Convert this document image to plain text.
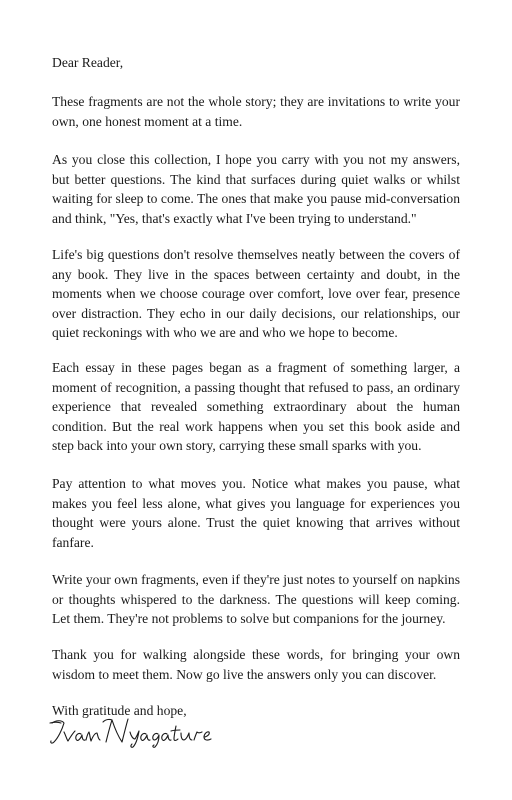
Dear Reader,

These fragments are not the whole story; they are invitations to write your own, one honest moment at a time.

As you close this collection, I hope you carry with you not my answers, but better questions. The kind that surfaces during quiet walks or whilst waiting for sleep to come. The ones that make you pause mid-conversation and think, "Yes, that's exactly what I've been trying to understand."

Life's big questions don't resolve themselves neatly between the covers of any book. They live in the spaces between certainty and doubt, in the moments when we choose courage over comfort, love over fear, presence over distraction. They echo in our daily decisions, our relationships, our quiet reckonings with who we are and who we hope to become.

Each essay in these pages began as a fragment of something larger, a moment of recognition, a passing thought that refused to pass, an ordinary experience that revealed something extraordinary about the human condition. But the real work happens when you set this book aside and step back into your own story, carrying these small sparks with you.

Pay attention to what moves you. Notice what makes you pause, what makes you feel less alone, what gives you language for experiences you thought were yours alone. Trust the quiet knowing that arrives without fanfare.

Write your own fragments, even if they're just notes to yourself on napkins or thoughts whispered to the darkness. The questions will keep coming. Let them. They're not problems to solve but companions for the journey.

Thank you for walking alongside these words, for bringing your own wisdom to meet them. Now go live the answers only you can discover.

With gratitude and hope,
